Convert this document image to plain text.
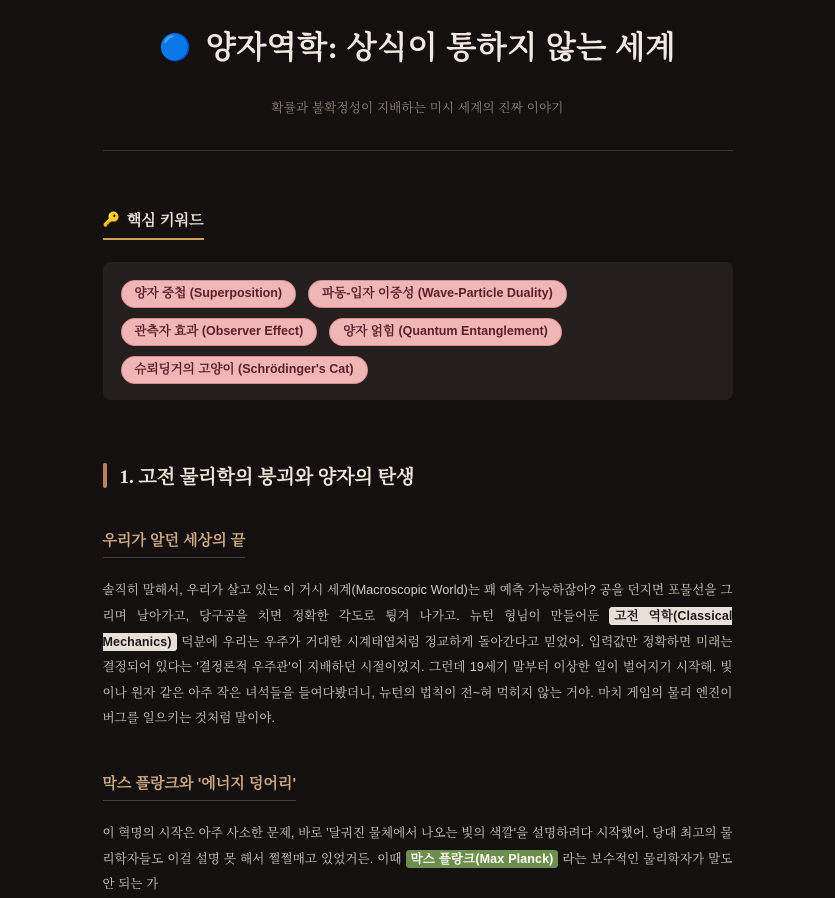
🔵 양자역학: 상식이 통하지 않는 세계
확률과 불확정성이 지배하는 미시 세계의 진짜 이야기
🔑 핵심 키워드
양자 중첩 (Superposition)	파동-입자 이중성 (Wave-Particle Duality)
관측자 효과 (Observer Effect)	양자 얽힘 (Quantum Entanglement)
슈뢰딩거의 고양이 (Schrödinger's Cat)
1. 고전 물리학의 붕괴와 양자의 탄생
우리가 알던 세상의 끝

솔직히 말해서, 우리가 살고 있는 이 거시 세계(Macroscopic World)는 꽤 예측 가능하잖아? 공을 던지면 포물선을 그리며 날아가고, 당구공을 치면 정확한 각도로 튕겨 나가고. 뉴턴 형님이 만들어둔 고전 역학(Classical Mechanics) 덕분에 우리는 우주가 거대한 시계태엽처럼 정교하게 돌아간다고 믿었어. 입력값만 정확하면 미래는 결정되어 있다는 '결정론적 우주관'이 지배하던 시절이었지. 그런데 19세기 말부터 이상한 일이 벌어지기 시작해. 빛이나 원자 같은 아주 작은 녀석들을 들여다봤더니, 뉴턴의 법칙이 전~혀 먹히지 않는 거야. 마치 게임의 물리 엔진이 버그를 일으키는 것처럼 말이야.

막스 플랑크와 '에너지 덩어리'

이 혁명의 시작은 아주 사소한 문제, 바로 '달궈진 물체에서 나오는 빛의 색깔'을 설명하려다 시작했어. 당대 최고의 물리학자들도 이걸 설명 못 해서 쩔쩔매고 있었거든. 이때 막스 플랑크(Max Planck) 라는 보수적인 물리학자가 말도 안 되는 가
